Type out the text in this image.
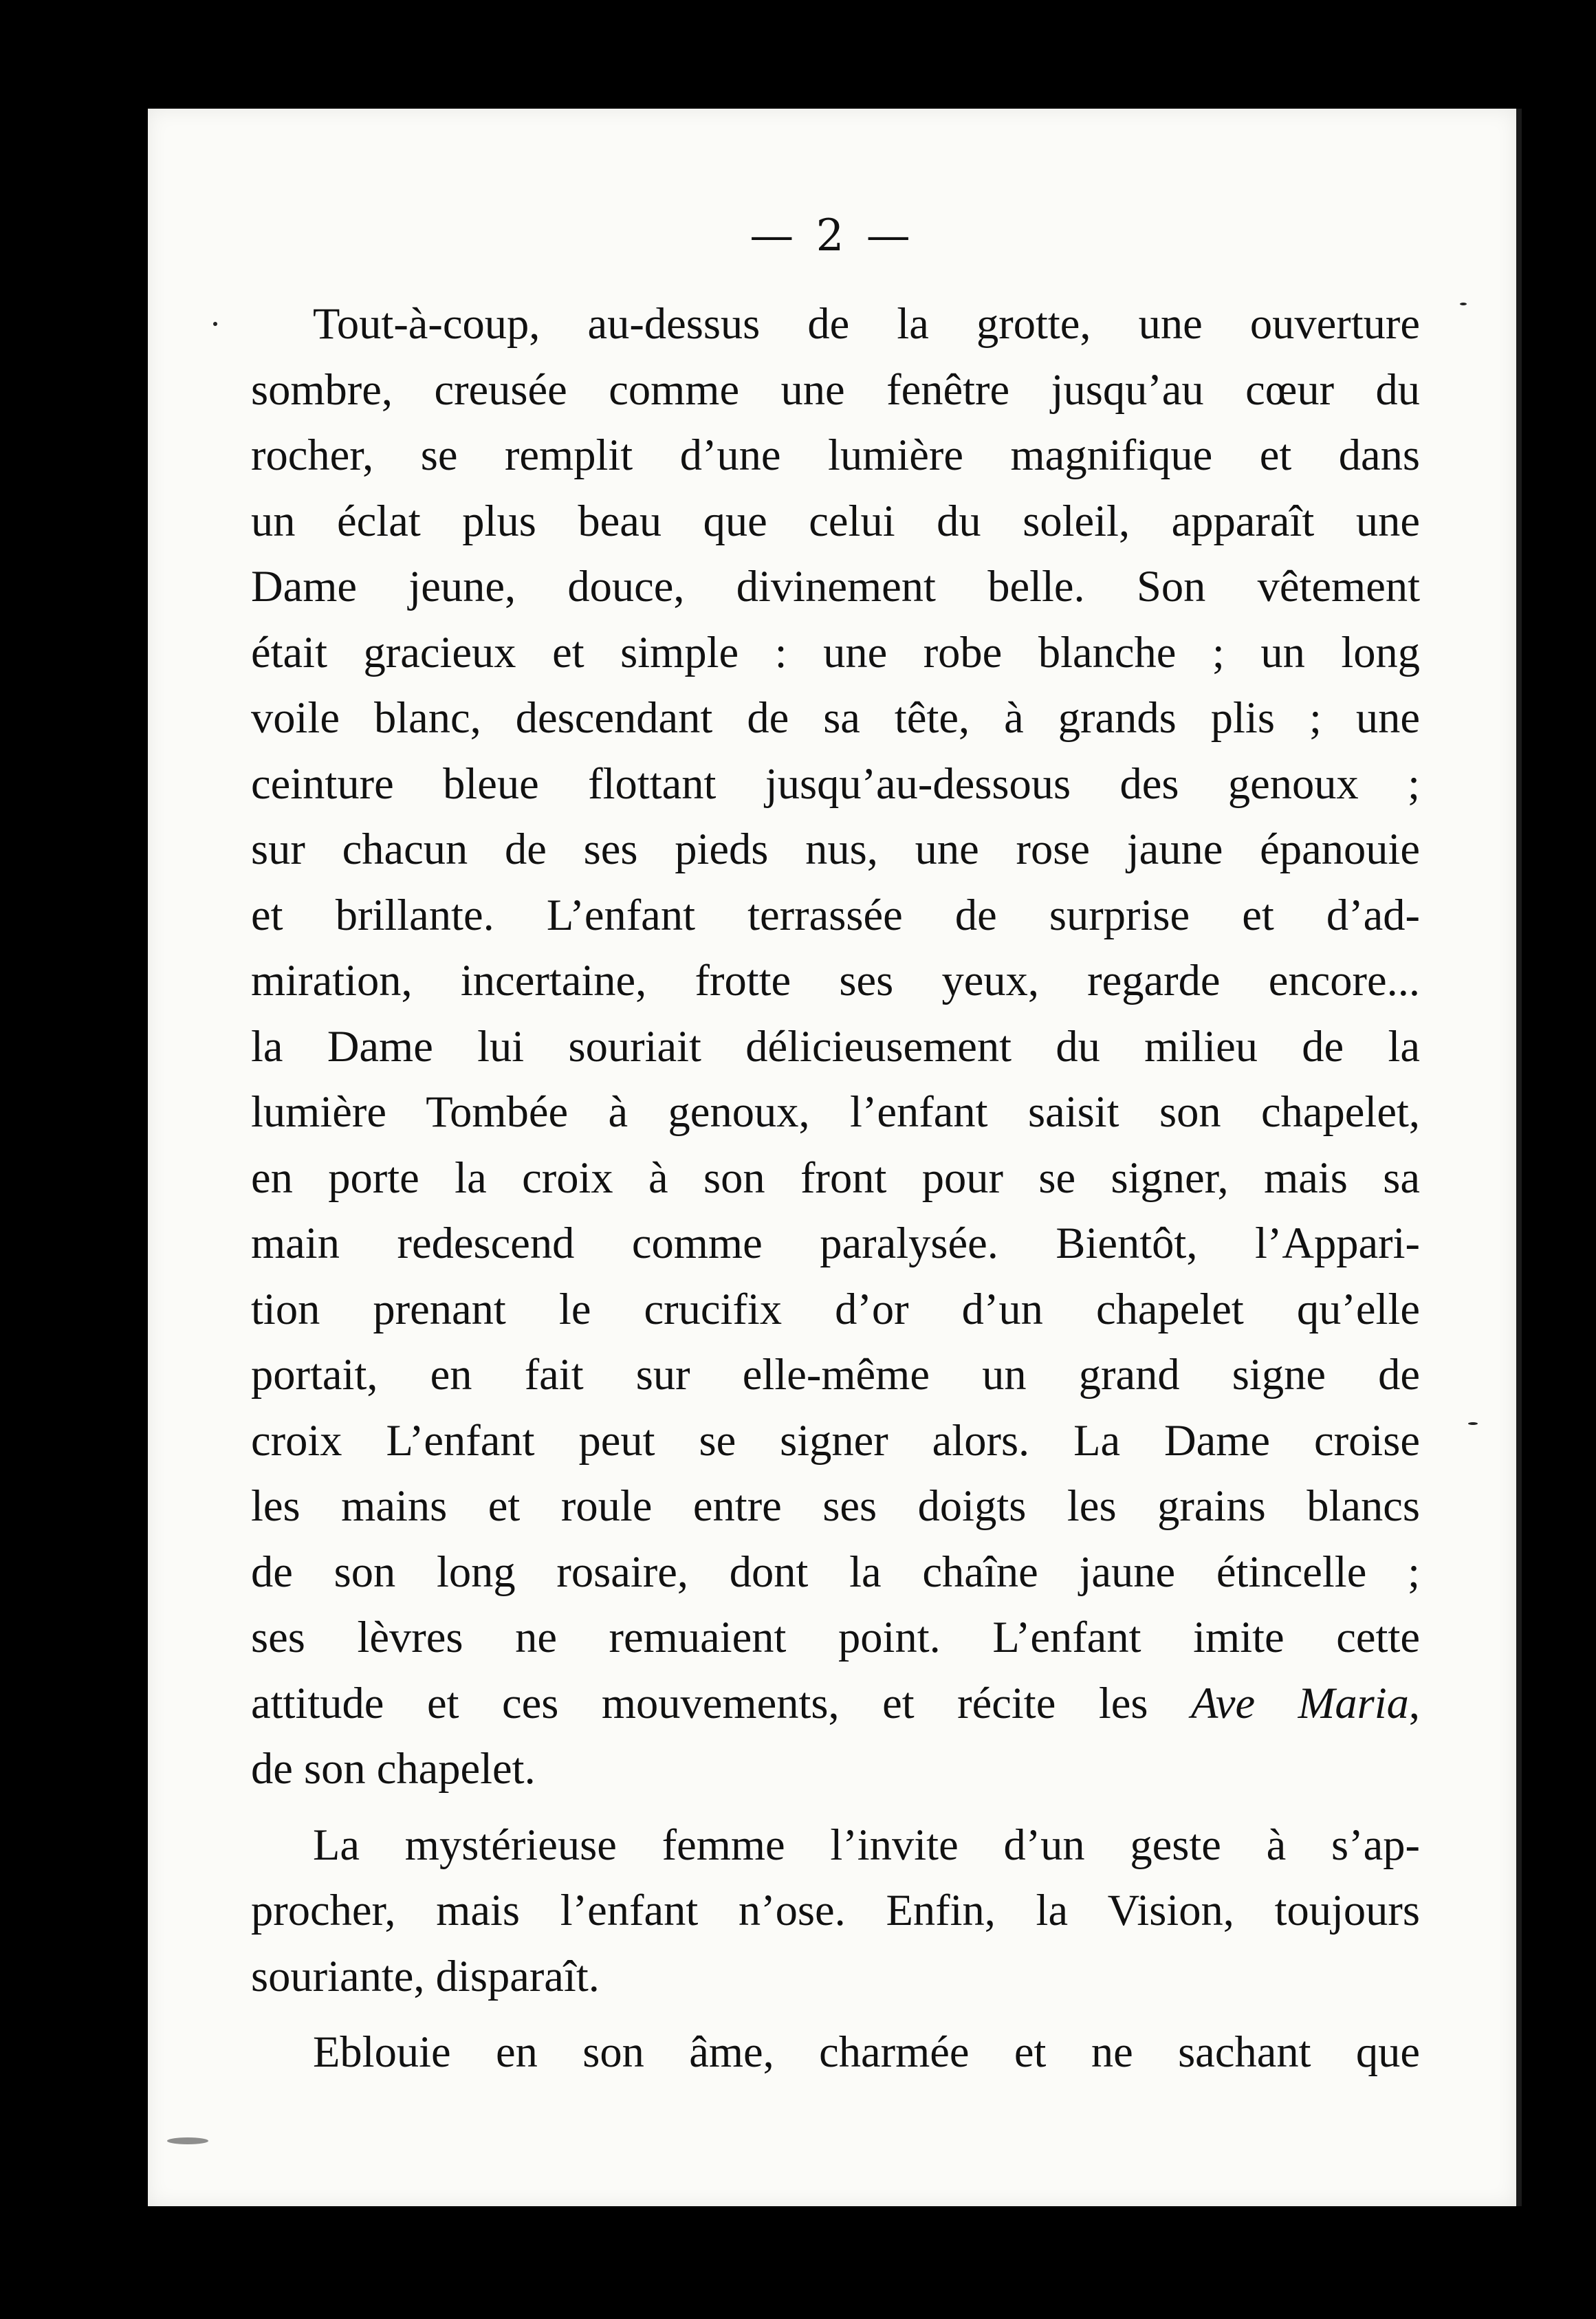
— 2 —

Tout-à-coup, au-dessus de la grotte, une ouverture
sombre, creusée comme une fenêtre jusqu’au cœur du
rocher, se remplit d’une lumière magnifique et dans
un éclat plus beau que celui du soleil, apparaît une
Dame jeune, douce, divinement belle. Son vêtement
était gracieux et simple : une robe blanche ; un long
voile blanc, descendant de sa tête, à grands plis ; une
ceinture bleue flottant jusqu’au-dessous des genoux ;
sur chacun de ses pieds nus, une rose jaune épanouie
et brillante. L’enfant terrassée de surprise et d’ad-
miration, incertaine, frotte ses yeux, regarde encore...
la Dame lui souriait délicieusement du milieu de la
lumière Tombée à genoux, l’enfant saisit son chapelet,
en porte la croix à son front pour se signer, mais sa
main redescend comme paralysée. Bientôt, l’Appari-
tion prenant le crucifix d’or d’un chapelet qu’elle
portait, en fait sur elle-même un grand signe de
croix L’enfant peut se signer alors. La Dame croise
les mains et roule entre ses doigts les grains blancs
de son long rosaire, dont la chaîne jaune étincelle ;
ses lèvres ne remuaient point. L’enfant imite cette
attitude et ces mouvements, et récite les Ave Maria,
de son chapelet.

La mystérieuse femme l’invite d’un geste à s’ap-
procher, mais l’enfant n’ose. Enfin, la Vision, toujours
souriante, disparaît.

Eblouie en son âme, charmée et ne sachant que
